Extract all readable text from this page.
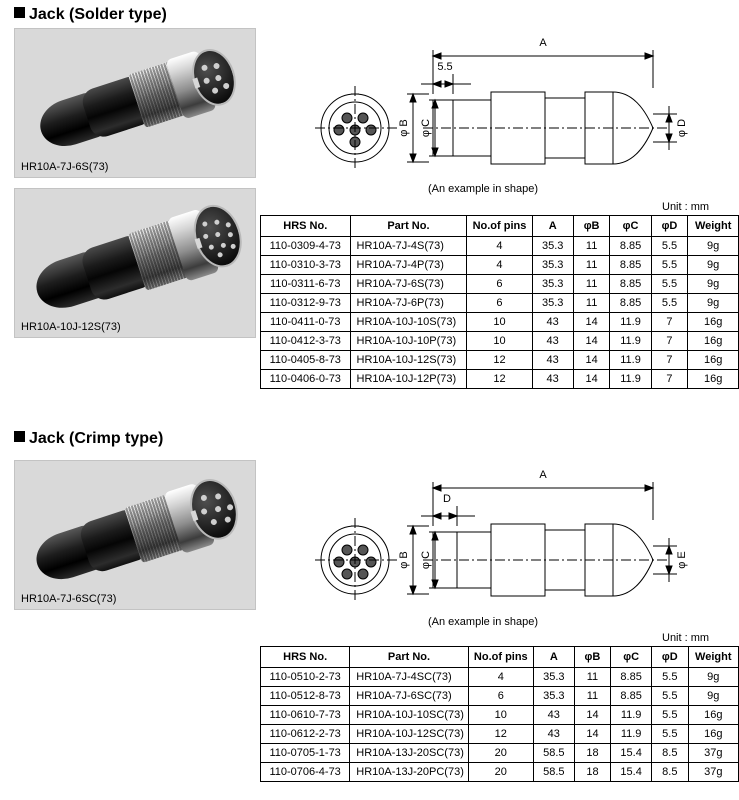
Jack (Solder type)
HR10A-7J-6S(73)
HR10A-10J-12S(73)
A
5.5
φ B φ C	φ D
(An example in shape)
Unit : mm
HRS No.	Part No.	No.of pins	A	φB	φC	φD	Weight
110-0309-4-73	HR10A-7J-4S(73)	4	35.3	11	8.85	5.5	9g
110-0310-3-73	HR10A-7J-4P(73)	4	35.3	11	8.85	5.5	9g
110-0311-6-73	HR10A-7J-6S(73)	6	35.3	11	8.85	5.5	9g
110-0312-9-73	HR10A-7J-6P(73)	6	35.3	11	8.85	5.5	9g
110-0411-0-73	HR10A-10J-10S(73)	10	43	14	11.9	7	16g
110-0412-3-73	HR10A-10J-10P(73)	10	43	14	11.9	7	16g
110-0405-8-73	HR10A-10J-12S(73)	12	43	14	11.9	7	16g
110-0406-0-73	HR10A-10J-12P(73)	12	43	14	11.9	7	16g
Jack (Crimp type)
HR10A-7J-6SC(73)
A
D
φ B φ C	φ E
(An example in shape)
Unit : mm
HRS No.	Part No.	No.of pins	A	φB	φC	φD	Weight
110-0510-2-73	HR10A-7J-4SC(73)	4	35.3	11	8.85	5.5	9g
110-0512-8-73	HR10A-7J-6SC(73)	6	35.3	11	8.85	5.5	9g
110-0610-7-73	HR10A-10J-10SC(73)	10	43	14	11.9	5.5	16g
110-0612-2-73	HR10A-10J-12SC(73)	12	43	14	11.9	5.5	16g
110-0705-1-73	HR10A-13J-20SC(73)	20	58.5	18	15.4	8.5	37g
110-0706-4-73	HR10A-13J-20PC(73)	20	58.5	18	15.4	8.5	37g
